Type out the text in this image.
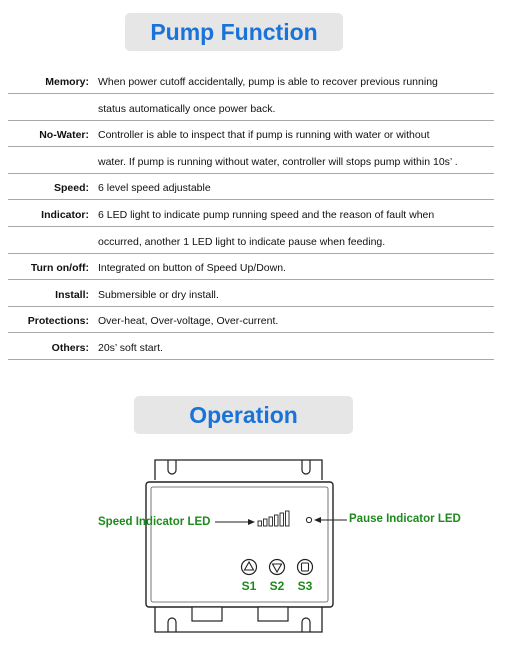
Pump Function
Memory: When power cutoff accidentally, pump is able to recover previous running
status automatically once power back.
No-Water: Controller is able to inspect that if pump is running with water or without
water. If pump is running without water, controller will stops pump within 10s’ .
Speed: 6 level speed adjustable
Indicator: 6 LED light to indicate pump running speed and the reason of fault when
occurred, another 1 LED light to indicate pause when feeding.
Turn on/off: Integrated on button of Speed Up/Down.
Install: Submersible or dry install.
Protections: Over-heat, Over-voltage, Over-current.
Others: 20s’ soft start.
Operation
Speed Indicator LED	Pause Indicator LED
S1 S2 S3
